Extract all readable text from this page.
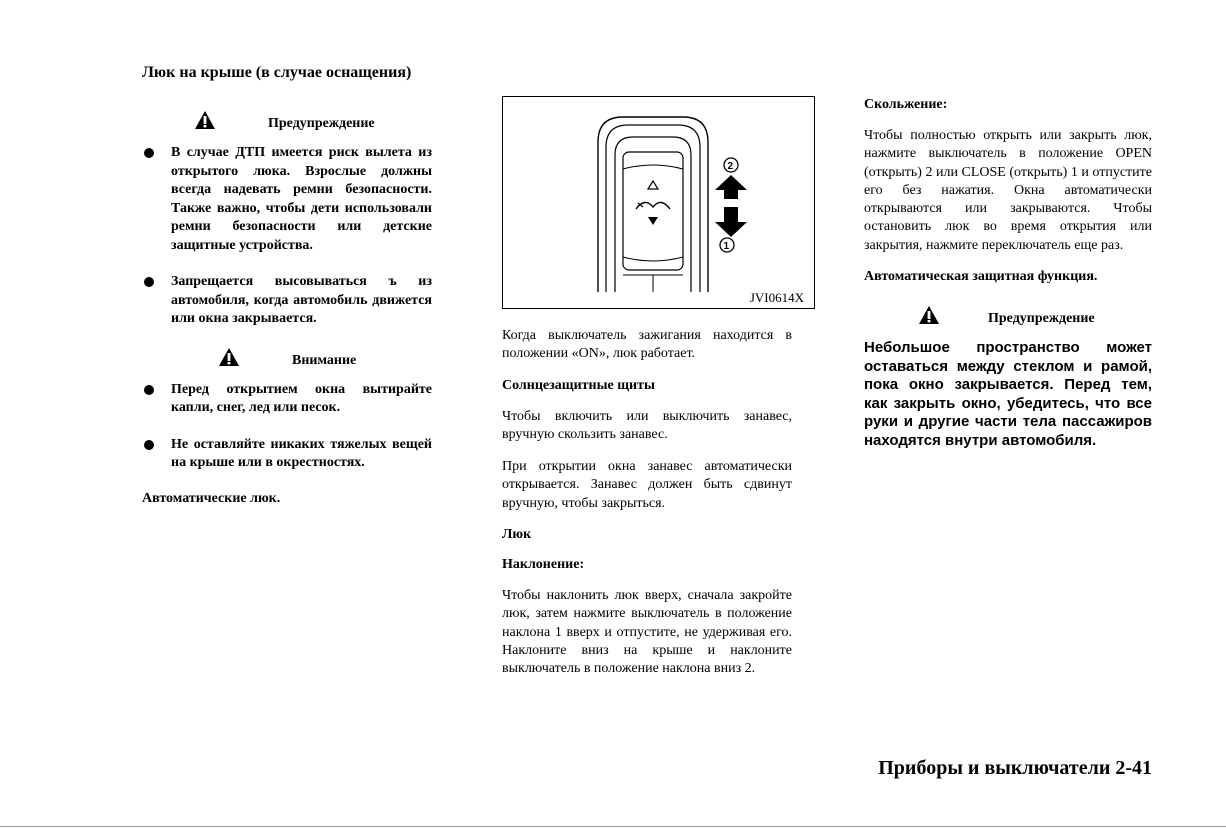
Люк на крыше (в случае оснащения)
Предупреждение
В случае ДТП имеется риск вылета из открытого люка. Взрослые должны всегда надевать ремни безопасности. Также важно, чтобы дети использовали ремни безопасности или детские защитные устройства.
Запрещается высовываться ъ из автомобиля, когда автомобиль движется или окна закрывается.
Внимание
Перед открытием окна вытирайте капли, снег, лед или песок.
Не оставляйте никаких тяжелых вещей на крыше или в окрестностях.
Автоматические люк.
2
1
JVI0614X

Когда выключатель зажигания находится в положении «ON», люк работает.

Солнцезащитные щиты

Чтобы включить или выключить занавес, вручную скользить занавес.

При открытии окна занавес автоматически открывается. Занавес должен быть сдвинут вручную, чтобы закрыться.

Люк

Наклонение:

Чтобы наклонить люк вверх, сначала закройте люк, затем нажмите выключатель в положение наклона 1 вверх и отпустите, не удерживая его. Наклоните вниз на крыше и наклоните выключатель в положение наклона вниз 2.

Скольжение:

Чтобы полностью открыть или закрыть люк, нажмите выключатель в положение OPEN (открыть) 2 или CLOSE (открыть) 1 и отпустите его без нажатия. Окна автоматически открываются или закрываются. Чтобы остановить люк во время открытия или закрытия, нажмите переключатель еще раз.

Автоматическая защитная функция.

Предупреждение
Небольшое пространство может оставаться между стеклом и рамой, пока окно закрывается. Перед тем, как закрыть окно, убедитесь, что все руки и другие части тела пассажиров находятся внутри автомобиля.
Приборы и выключатели 2-41
